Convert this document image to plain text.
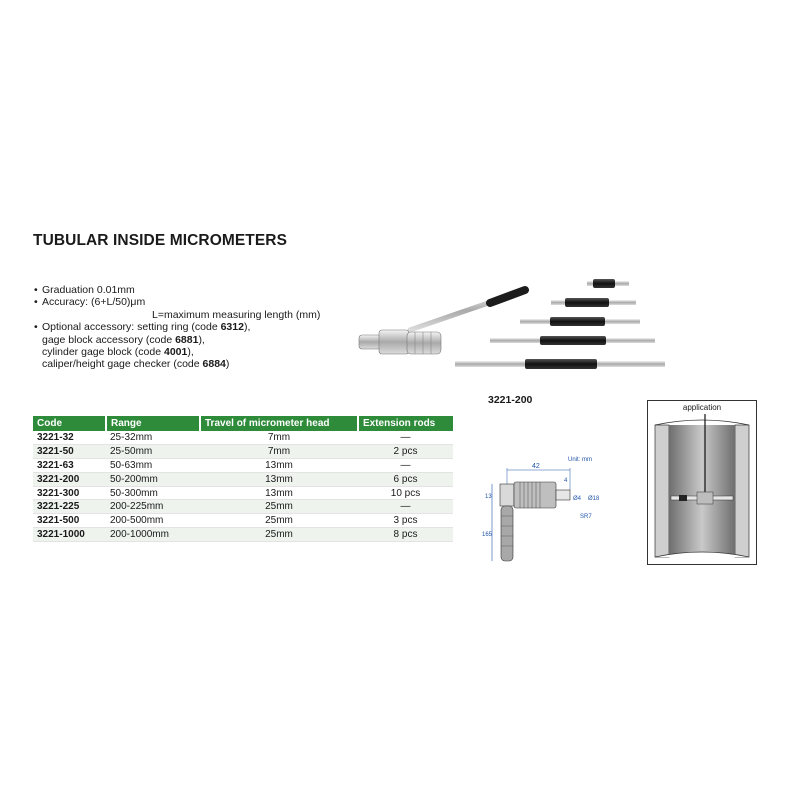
TUBULAR INSIDE MICROMETERS
• Graduation 0.01mm
• Accuracy: (6+L/50)μm
L=maximum measuring length (mm)
• Optional accessory: setting ring (code 6312),
gage block accessory (code 6881),
cylinder gage block (code 4001),
caliper/height gage checker (code 6884)
3221-200
Code	Range	Travel of micrometer head	Extension rods
3221-32	25-32mm	7mm	—
3221-50	25-50mm	7mm	2 pcs
3221-63	50-63mm	13mm	—
3221-200	50-200mm	13mm	6 pcs
3221-300	50-300mm	13mm	10 pcs
3221-225	200-225mm	25mm	—
3221-500	200-500mm	25mm	3 pcs
3221-1000	200-1000mm	25mm	8 pcs
Unit: mm
42
4
13
165
Ø4 Ø18
SR7
application
